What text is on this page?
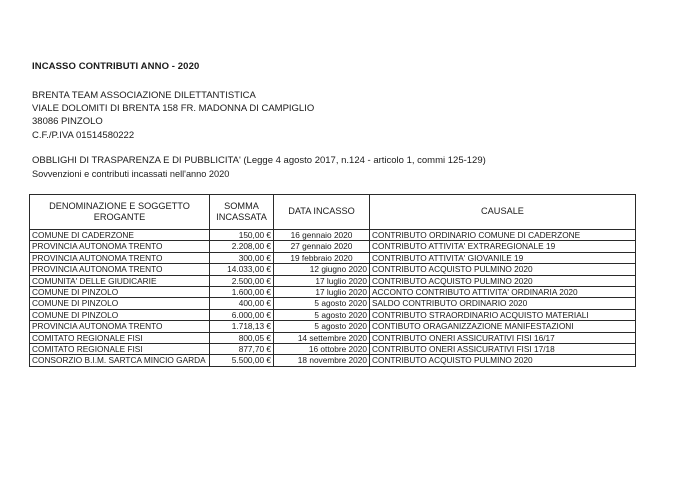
INCASSO CONTRIBUTI ANNO - 2020
BRENTA TEAM ASSOCIAZIONE DILETTANTISTICA
VIALE DOLOMITI DI BRENTA 158 FR. MADONNA DI CAMPIGLIO
38086 PINZOLO
C.F./P.IVA 01514580222
OBBLIGHI DI TRASPARENZA E DI PUBBLICITA' (Legge 4 agosto 2017, n.124 - articolo 1, commi 125-129)
Sovvenzioni e contributi incassati nell'anno 2020
DENOMINAZIONE E SOGGETTO EROGANTE	SOMMA INCASSATA	DATA INCASSO	CAUSALE
COMUNE DI CADERZONE	150,00 €	16 gennaio 2020	CONTRIBUTO ORDINARIO COMUNE DI CADERZONE
PROVINCIA AUTONOMA TRENTO	2.208,00 €	27 gennaio 2020	CONTRIBUTO ATTIVITA' EXTRAREGIONALE 19
PROVINCIA AUTONOMA TRENTO	300,00 €	19 febbraio 2020	CONTRIBUTO ATTIVITA' GIOVANILE 19
PROVINCIA AUTONOMA TRENTO	14.033,00 €	12 giugno 2020	CONTRIBUTO ACQUISTO PULMINO 2020
COMUNITA' DELLE GIUDICARIE	2.500,00 €	17 luglio 2020	CONTRIBUTO ACQUISTO PULMINO 2020
COMUNE DI PINZOLO	1.600,00 €	17 luglio 2020	ACCONTO CONTRIBUTO ATTIVITA' ORDINARIA 2020
COMUNE DI PINZOLO	400,00 €	5 agosto 2020	SALDO CONTRIBUTO ORDINARIO 2020
COMUNE DI PINZOLO	6.000,00 €	5 agosto 2020	CONTRIBUTO STRAORDINARIO ACQUISTO MATERIALI
PROVINCIA AUTONOMA TRENTO	1.718,13 €	5 agosto 2020	CONTIBUTO ORAGANIZZAZIONE MANIFESTAZIONI
COMITATO REGIONALE FISI	800,05 €	14 settembre 2020	CONTRIBUTO ONERI ASSICURATIVI FISI 16/17
COMITATO REGIONALE FISI	877,70 €	16 ottobre 2020	CONTRIBUTO ONERI ASSICURATIVI FISI 17/18
CONSORZIO B.I.M. SARTCA MINCIO GARDA	5.500,00 €	18 novembre 2020	CONTRIBUTO ACQUISTO PULMINO 2020
